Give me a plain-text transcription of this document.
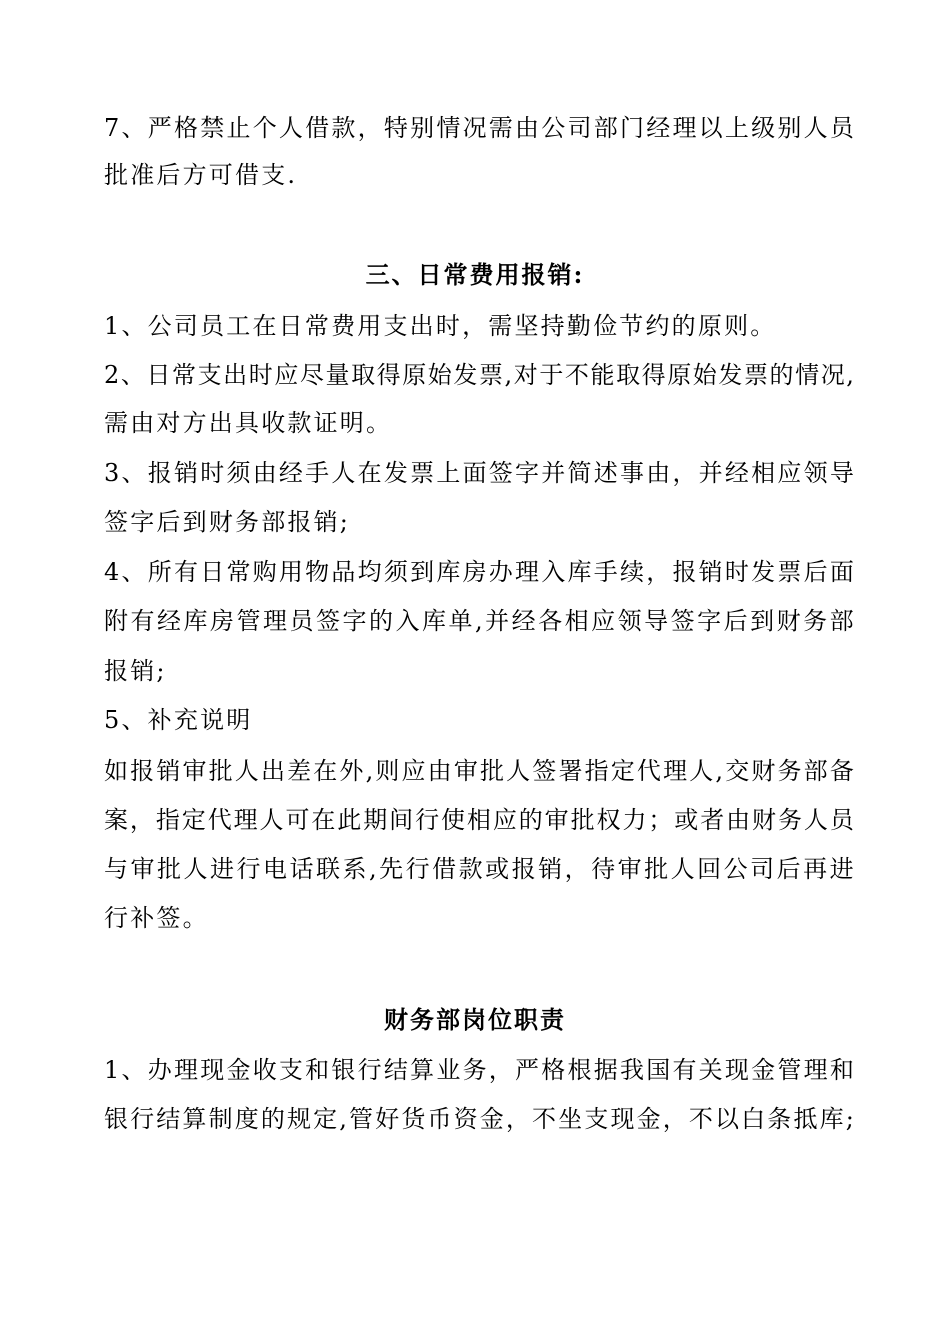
7 、 严 格 禁 止 个 人 借 款 ， 特 别 情 况 需 由 公 司 部 门 经 理 以 上 级 别 人 员
批准后方可借支.
三、日常费用报销:
1、公司员工在日常费用支出时，需坚持勤俭节约的原则。
2 、 日 常 支 出 时 应 尽 量 取 得 原 始 发 票 , 对 于 不 能 取 得 原 始 发 票 的 情 况 ,
需由对方出具收款证明。
3 、 报 销 时 须 由 经 手 人 在 发 票 上 面 签 字 并 简 述 事 由 ， 并 经 相 应 领 导
签字后到财务部报销;
4 、 所 有 日 常 购 用 物 品 均 须 到 库 房 办 理 入 库 手 续 ， 报 销 时 发 票 后 面
附 有 经 库 房 管 理 员 签 字 的 入 库 单 , 并 经 各 相 应 领 导 签 字 后 到 财 务 部
报销;
5、补充说明
如 报 销 审 批 人 出 差 在 外 , 则 应 由 审 批 人 签 署 指 定 代 理 人 , 交 财 务 部 备
案 ， 指 定 代 理 人 可 在 此 期 间 行 使 相 应 的 审 批 权 力 ； 或 者 由 财 务 人 员
与 审 批 人 进 行 电 话 联 系 , 先 行 借 款 或 报 销 ， 待 审 批 人 回 公 司 后 再 进
行补签。
财务部岗位职责
1 、 办 理 现 金 收 支 和 银 行 结 算 业 务 ， 严 格 根 据 我 国 有 关 现 金 管 理 和
银 行 结 算 制 度 的 规 定 , 管 好 货 币 资 金 ， 不 坐 支 现 金 ， 不 以 白 条 抵 库 ;
